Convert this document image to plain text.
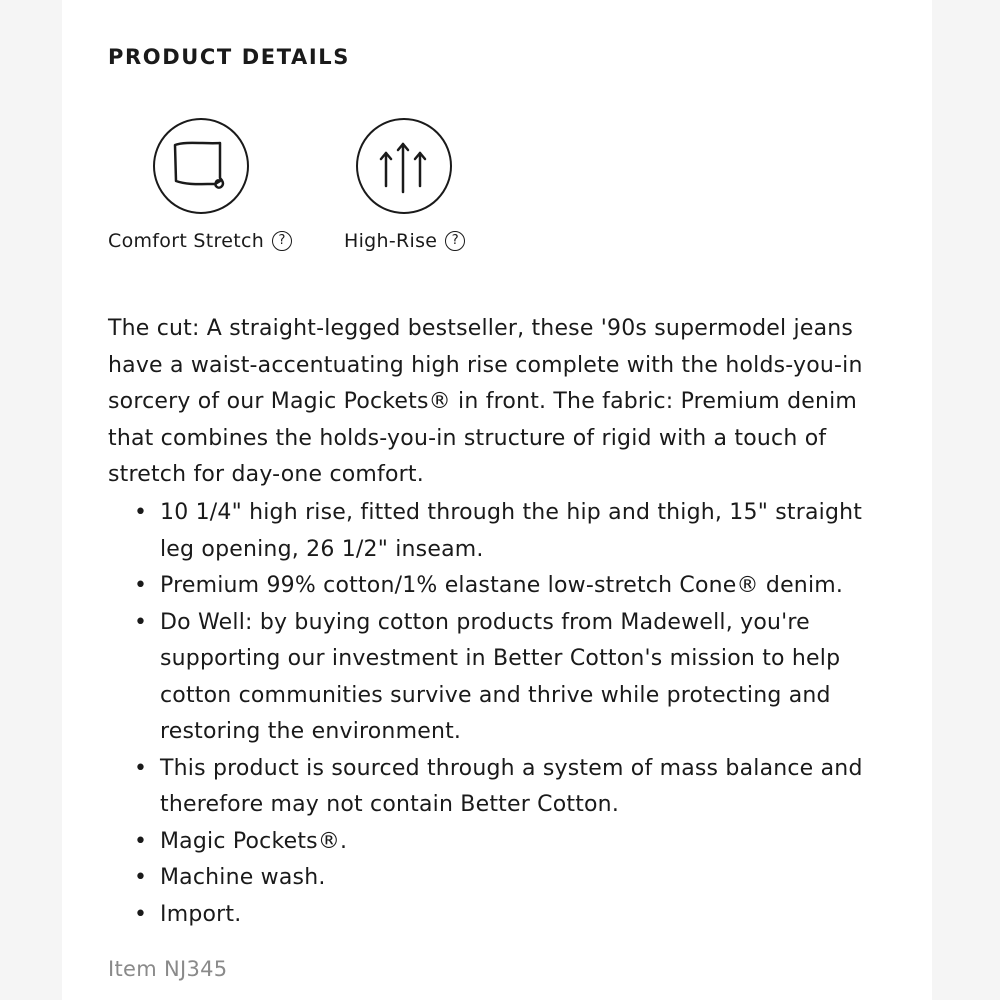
PRODUCT DETAILS
Comfort Stretch	?	High-Rise	?

The cut: A straight-legged bestseller, these '90s supermodel jeans have a waist-accentuating high rise complete with the holds-you-in sorcery of our Magic Pockets® in front. The fabric: Premium denim that combines the holds-you-in structure of rigid with a touch of stretch for day-one comfort.

• 10 1/4" high rise, fitted through the hip and thigh, 15" straight leg opening, 26 1/2" inseam.
• Premium 99% cotton/1% elastane low-stretch Cone® denim.
• Do Well: by buying cotton products from Madewell, you're supporting our investment in Better Cotton's mission to help cotton communities survive and thrive while protecting and restoring the environment.
• This product is sourced through a system of mass balance and therefore may not contain Better Cotton.
• Magic Pockets®.
• Machine wash.
• Import.
Item NJ345
